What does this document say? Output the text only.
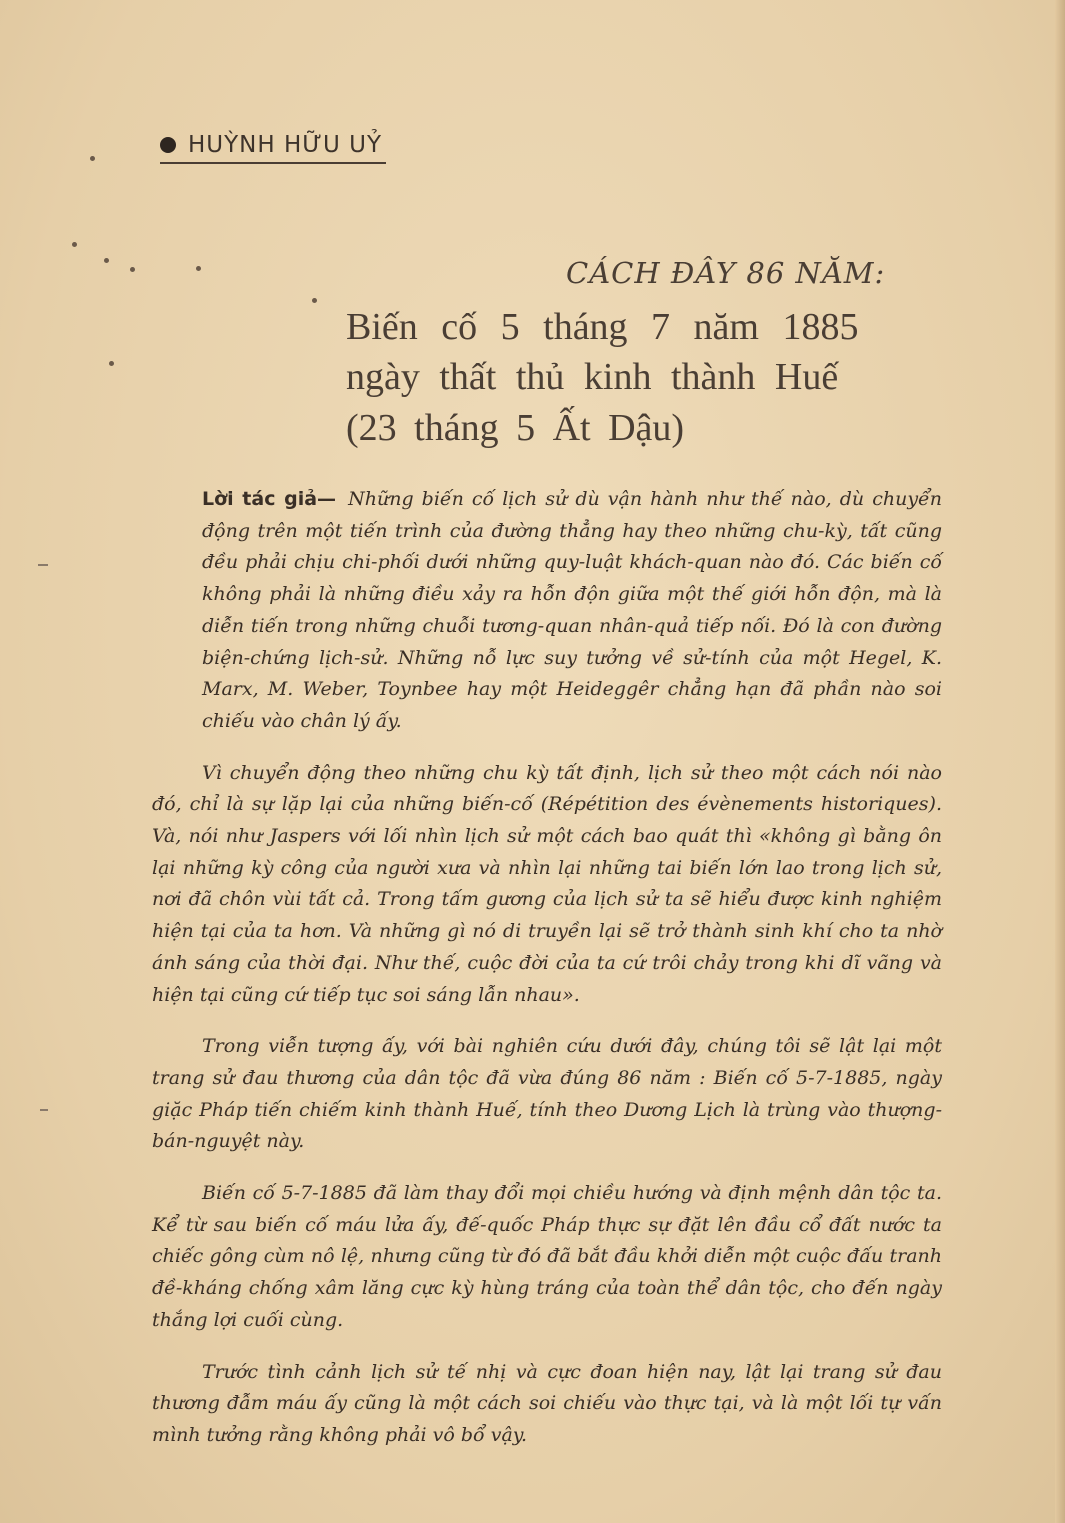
HUỲNH HỮU UỶ
CÁCH ĐÂY 86 NĂM:
Biến cố 5 tháng 7 năm 1885
ngày thất thủ kinh thành Huế
(23 tháng 5 Ất Dậu)

Lời tác giả— Những biến cố lịch sử dù vận hành như thế nào, dù chuyển động trên một tiến trình của đường thẳng hay theo những chu-kỳ, tất cũng đều phải chịu chi-phối dưới những quy-luật khách-quan nào đó. Các biến cố không phải là những điều xảy ra hỗn độn giữa một thế giới hỗn độn, mà là diễn tiến trong những chuỗi tương-quan nhân-quả tiếp nối. Đó là con đường biện-chứng lịch-sử. Những nỗ lực suy tưởng về sử-tính của một Hegel, K. Marx, M. Weber, Toynbee hay một Heideggêr chẳng hạn đã phần nào soi chiếu vào chân lý ấy.

Vì chuyển động theo những chu kỳ tất định, lịch sử theo một cách nói nào đó, chỉ là sự lặp lại của những biến-cố (Répétition des évènements historiques). Và, nói như Jaspers với lối nhìn lịch sử một cách bao quát thì «không gì bằng ôn lại những kỳ công của người xưa và nhìn lại những tai biến lớn lao trong lịch sử, nơi đã chôn vùi tất cả. Trong tấm gương của lịch sử ta sẽ hiểu được kinh nghiệm hiện tại của ta hơn. Và những gì nó di truyền lại sẽ trở thành sinh khí cho ta nhờ ánh sáng của thời đại. Như thế, cuộc đời của ta cứ trôi chảy trong khi dĩ vãng và hiện tại cũng cứ tiếp tục soi sáng lẫn nhau».

Trong viễn tượng ấy, với bài nghiên cứu dưới đây, chúng tôi sẽ lật lại một trang sử đau thương của dân tộc đã vừa đúng 86 năm : Biến cố 5-7-1885, ngày giặc Pháp tiến chiếm kinh thành Huế, tính theo Dương Lịch là trùng vào thượng-bán-nguyệt này.

Biến cố 5-7-1885 đã làm thay đổi mọi chiều hướng và định mệnh dân tộc ta. Kể từ sau biến cố máu lửa ấy, đế-quốc Pháp thực sự đặt lên đầu cổ đất nước ta chiếc gông cùm nô lệ, nhưng cũng từ đó đã bắt đầu khởi diễn một cuộc đấu tranh đề-kháng chống xâm lăng cực kỳ hùng tráng của toàn thể dân tộc, cho đến ngày thắng lợi cuối cùng.

Trước tình cảnh lịch sử tế nhị và cực đoan hiện nay, lật lại trang sử đau thương đẫm máu ấy cũng là một cách soi chiếu vào thực tại, và là một lối tự vấn mình tưởng rằng không phải vô bổ vậy.
